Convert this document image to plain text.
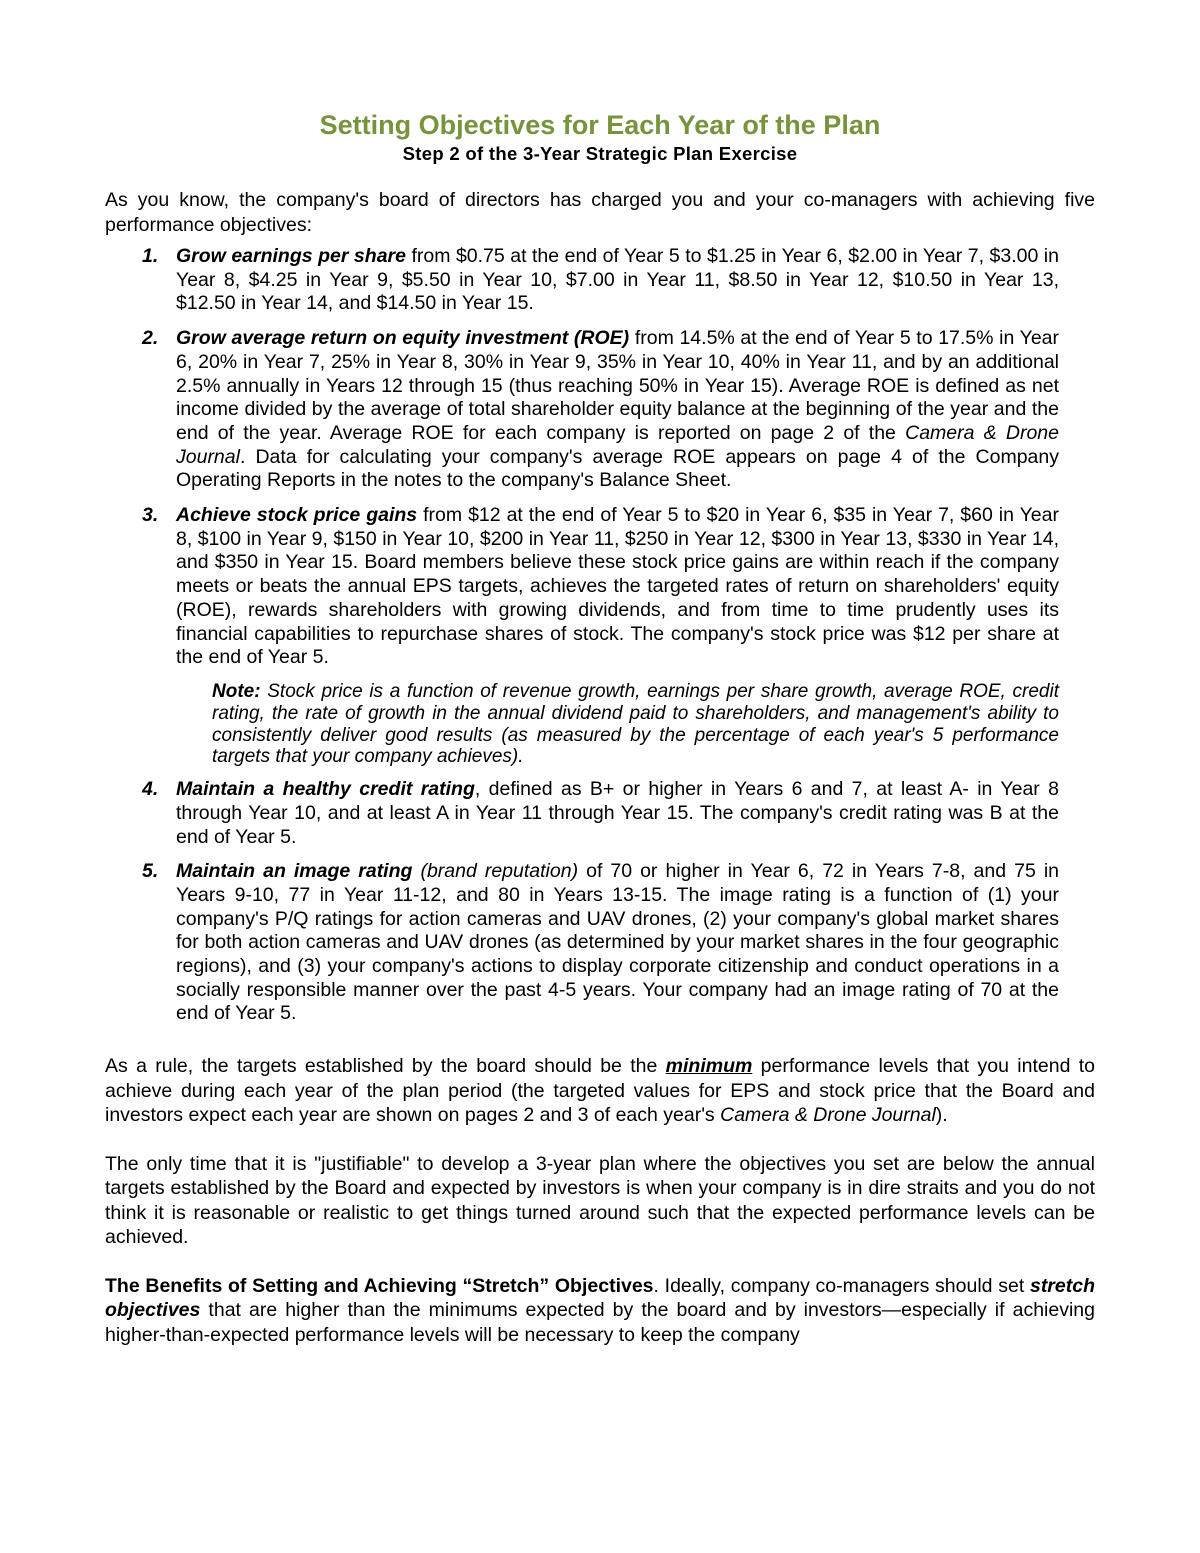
Setting Objectives for Each Year of the Plan
Step 2 of the 3-Year Strategic Plan Exercise

As you know, the company's board of directors has charged you and your co-managers with achieving five performance objectives:

1. Grow earnings per share from $0.75 at the end of Year 5 to $1.25 in Year 6, $2.00 in Year 7, $3.00 in Year 8, $4.25 in Year 9, $5.50 in Year 10, $7.00 in Year 11, $8.50 in Year 12, $10.50 in Year 13, $12.50 in Year 14, and $14.50 in Year 15.
2. Grow average return on equity investment (ROE) from 14.5% at the end of Year 5 to 17.5% in Year 6, 20% in Year 7, 25% in Year 8, 30% in Year 9, 35% in Year 10, 40% in Year 11, and by an additional 2.5% annually in Years 12 through 15 (thus reaching 50% in Year 15). Average ROE is defined as net income divided by the average of total shareholder equity balance at the beginning of the year and the end of the year. Average ROE for each company is reported on page 2 of the Camera & Drone Journal. Data for calculating your company's average ROE appears on page 4 of the Company Operating Reports in the notes to the company's Balance Sheet.
3. Achieve stock price gains from $12 at the end of Year 5 to $20 in Year 6, $35 in Year 7, $60 in Year 8, $100 in Year 9, $150 in Year 10, $200 in Year 11, $250 in Year 12, $300 in Year 13, $330 in Year 14, and $350 in Year 15. Board members believe these stock price gains are within reach if the company meets or beats the annual EPS targets, achieves the targeted rates of return on shareholders' equity (ROE), rewards shareholders with growing dividends, and from time to time prudently uses its financial capabilities to repurchase shares of stock. The company's stock price was $12 per share at the end of Year 5.
Note: Stock price is a function of revenue growth, earnings per share growth, average ROE, credit rating, the rate of growth in the annual dividend paid to shareholders, and management's ability to consistently deliver good results (as measured by the percentage of each year's 5 performance targets that your company achieves).
4. Maintain a healthy credit rating, defined as B+ or higher in Years 6 and 7, at least A- in Year 8 through Year 10, and at least A in Year 11 through Year 15. The company's credit rating was B at the end of Year 5.
5. Maintain an image rating (brand reputation) of 70 or higher in Year 6, 72 in Years 7-8, and 75 in Years 9-10, 77 in Year 11-12, and 80 in Years 13-15. The image rating is a function of (1) your company's P/Q ratings for action cameras and UAV drones, (2) your company's global market shares for both action cameras and UAV drones (as determined by your market shares in the four geographic regions), and (3) your company's actions to display corporate citizenship and conduct operations in a socially responsible manner over the past 4-5 years. Your company had an image rating of 70 at the end of Year 5.

As a rule, the targets established by the board should be the minimum performance levels that you intend to achieve during each year of the plan period (the targeted values for EPS and stock price that the Board and investors expect each year are shown on pages 2 and 3 of each year's Camera & Drone Journal).

The only time that it is "justifiable" to develop a 3-year plan where the objectives you set are below the annual targets established by the Board and expected by investors is when your company is in dire straits and you do not think it is reasonable or realistic to get things turned around such that the expected performance levels can be achieved.

The Benefits of Setting and Achieving “Stretch” Objectives. Ideally, company co-managers should set stretch objectives that are higher than the minimums expected by the board and by investors—especially if achieving higher-than-expected performance levels will be necessary to keep the company
